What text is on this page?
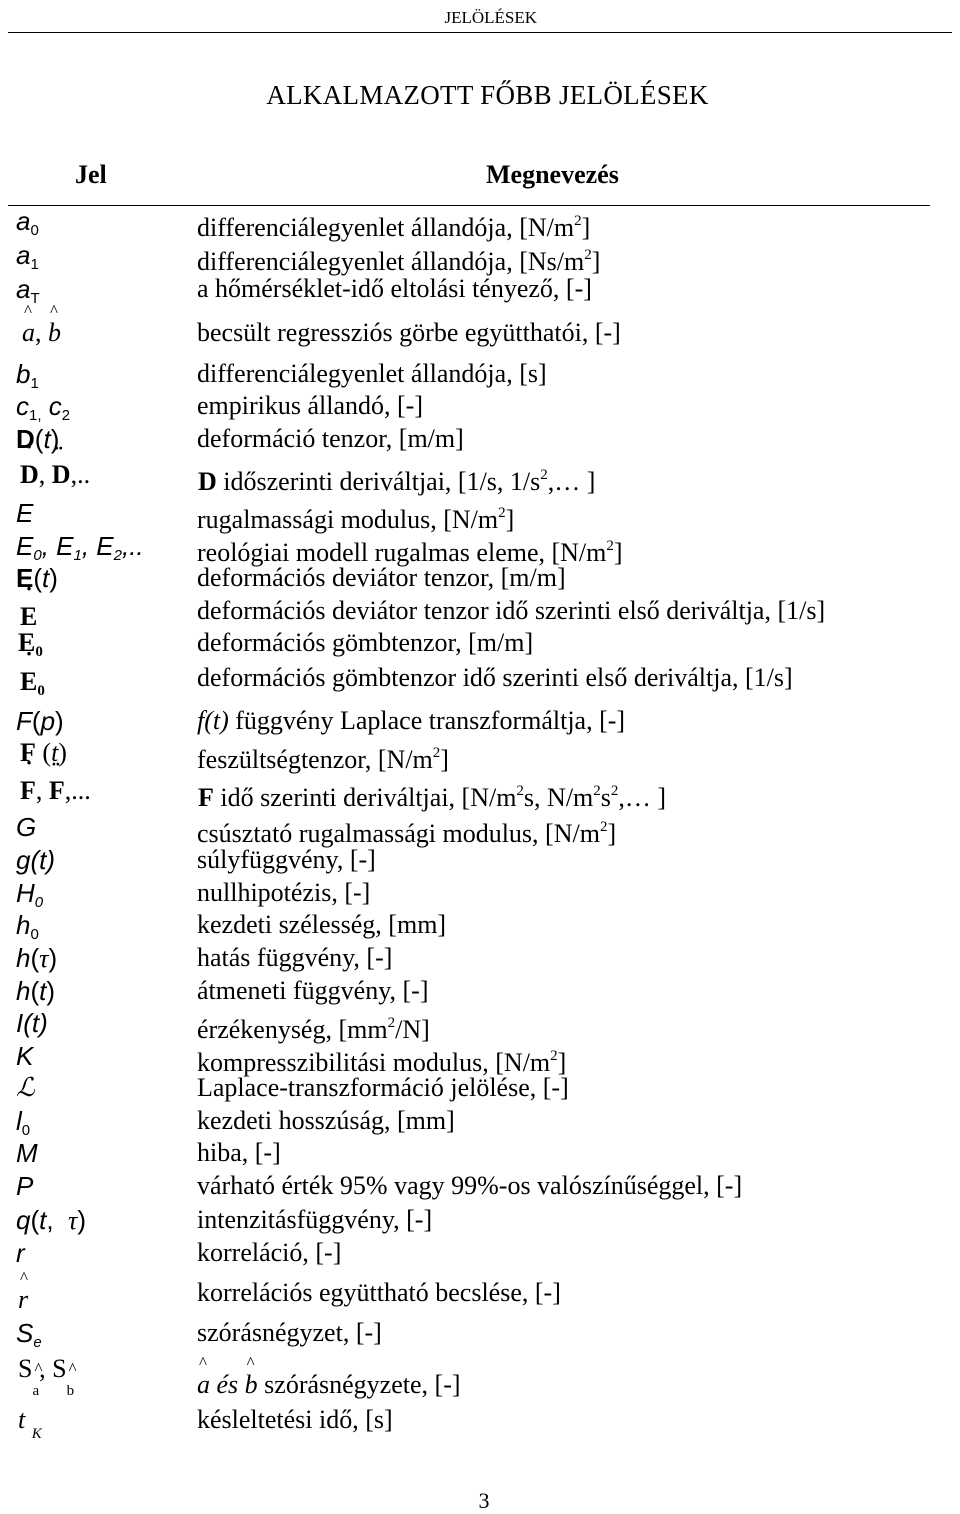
JELÖLÉSEK
ALKALMAZOTT FŐBB JELÖLÉSEK
Jel	Megnevezés
$a_0$	differenciálegyenlet állandója, $[N/m^2]$
$a_1$	differenciálegyenlet állandója, $[Ns/m^2]$
$a_T$	a hőmérséklet-idő eltolási tényező, [-]
^ a, ^ b	becsült regressziós görbe együtthatói, [-]
$b_1$	differenciálegyenlet állandója, [s]
$c_{1,}$ $c_2$	empirikus állandó, [-]
D(t)	deformáció tenzor, [m/m]
˙ D, ¨ D,..	D időszerinti deriváltjai, [1/s, $1/s^2,\dots$ ]
E	rugalmassági modulus, $[N/m^2]$
$E_0$, $E_1$, $E_2$,.. reológiai modell rugalmas eleme, $[N/m^2]$
E(t)	deformációs deviátor tenzor, [m/m]
˙ E	deformációs deviátor tenzor idő szerinti első deriváltja, [1/s]
$E_0$	deformációs gömbtenzor, [m/m]
˙ $E_0$	deformációs gömbtenzor idő szerinti első deriváltja, [1/s]
F(p)	f(t) függvény Laplace transzformáltja, [-]
F (t)	feszültségtenzor, $[N/m^2]$
˙ F, ¨ F,...	F idő szerinti deriváltjai, [$N/m^2s$, $N/m^2s^2,\dots$ ]
G	csúsztató rugalmassági modulus, $[N/m^2]$
g(t)	súlyfüggvény, [-]
$H_0$	nullhipotézis, [-]
$h_0$	kezdeti szélesség, [mm]
h(τ)	hatás függvény, [-]
h(t)	átmeneti függvény, [-]
I(t)	érzékenység, $[mm^2/N]$
K	kompresszibilitási modulus, $[N/m^2]$
ℒ	Laplace-transzformáció jelölése, [-]
$l_0$	kezdeti hosszúság, [mm]
M	hiba, [-]
P	várható érték 95% vagy 99%-os valószínűséggel, [-]
q(t,  τ)	intenzitásfüggvény, [-]
r	korreláció, [-]
^ r	korrelációs együttható becslése, [-]
$S_e$	szórásnégyzet, [-]
S^ $_a$, S^ $_b$
^	a és ^ b szórásnégyzete, [-]
t $_K$	késleltetési idő, [s]
3
